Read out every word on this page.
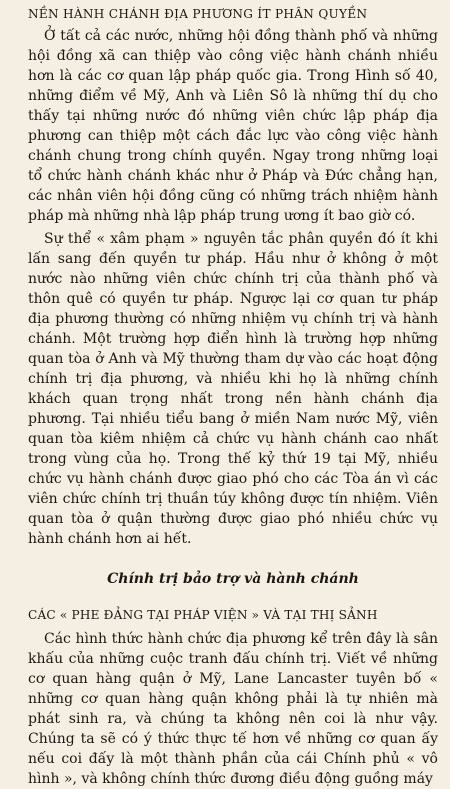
NỀN HÀNH CHÁNH ĐỊA PHƯƠNG ÍT PHÂN QUYỀN

Ở tất cả các nước, những hội đồng thành phố và những hội đồng xã can thiệp vào công việc hành chánh nhiều hơn là các cơ quan lập pháp quốc gia. Trong Hình số 40, những điểm về Mỹ, Anh và Liên Sô là những thí dụ cho thấy tại những nước đó những viên chức lập pháp địa phương can thiệp một cách đắc lực vào công việc hành chánh chung trong chính quyền. Ngay trong những loại tổ chức hành chánh khác như ở Pháp và Đức chẳng hạn, các nhân viên hội đồng cũng có những trách nhiệm hành pháp mà những nhà lập pháp trung ương ít bao giờ có.

Sự thể « xâm phạm » nguyên tắc phân quyền đó ít khi lấn sang đến quyền tư pháp. Hầu như ở không ở một nước nào những viên chức chính trị của thành phố và thôn quê có quyền tư pháp. Ngược lại cơ quan tư pháp địa phương thường có những nhiệm vụ chính trị và hành chánh. Một trường hợp điển hình là trường hợp những quan tòa ở Anh và Mỹ thường tham dự vào các hoạt động chính trị địa phương, và nhiều khi họ là những chính khách quan trọng nhất trong nền hành chánh địa phương. Tại nhiều tiểu bang ở miền Nam nước Mỹ, viên quan tòa kiêm nhiệm cả chức vụ hành chánh cao nhất trong vùng của họ. Trong thế kỷ thứ 19 tại Mỹ, nhiều chức vụ hành chánh được giao phó cho các Tòa án vì các viên chức chính trị thuần túy không được tín nhiệm. Viên quan tòa ở quận thường được giao phó nhiều chức vụ hành chánh hơn ai hết.

Chính trị bảo trợ và hành chánh
CÁC « PHE ĐẢNG TẠI PHÁP VIỆN » VÀ TẠI THỊ SẢNH

Các hình thức hành chức địa phương kể trên đây là sân khấu của những cuộc tranh đấu chính trị. Viết về những cơ quan hàng quận ở Mỹ, Lane Lancaster tuyên bố « những cơ quan hàng quận không phải là tự nhiên mà phát sinh ra, và chúng ta không nên coi là như vậy. Chúng ta sẽ có ý thức thực tế hơn về những cơ quan ấy nếu coi đấy là một thành phần của cái Chính phủ « vô hình », và không chính thức đương điều động guồng máy
